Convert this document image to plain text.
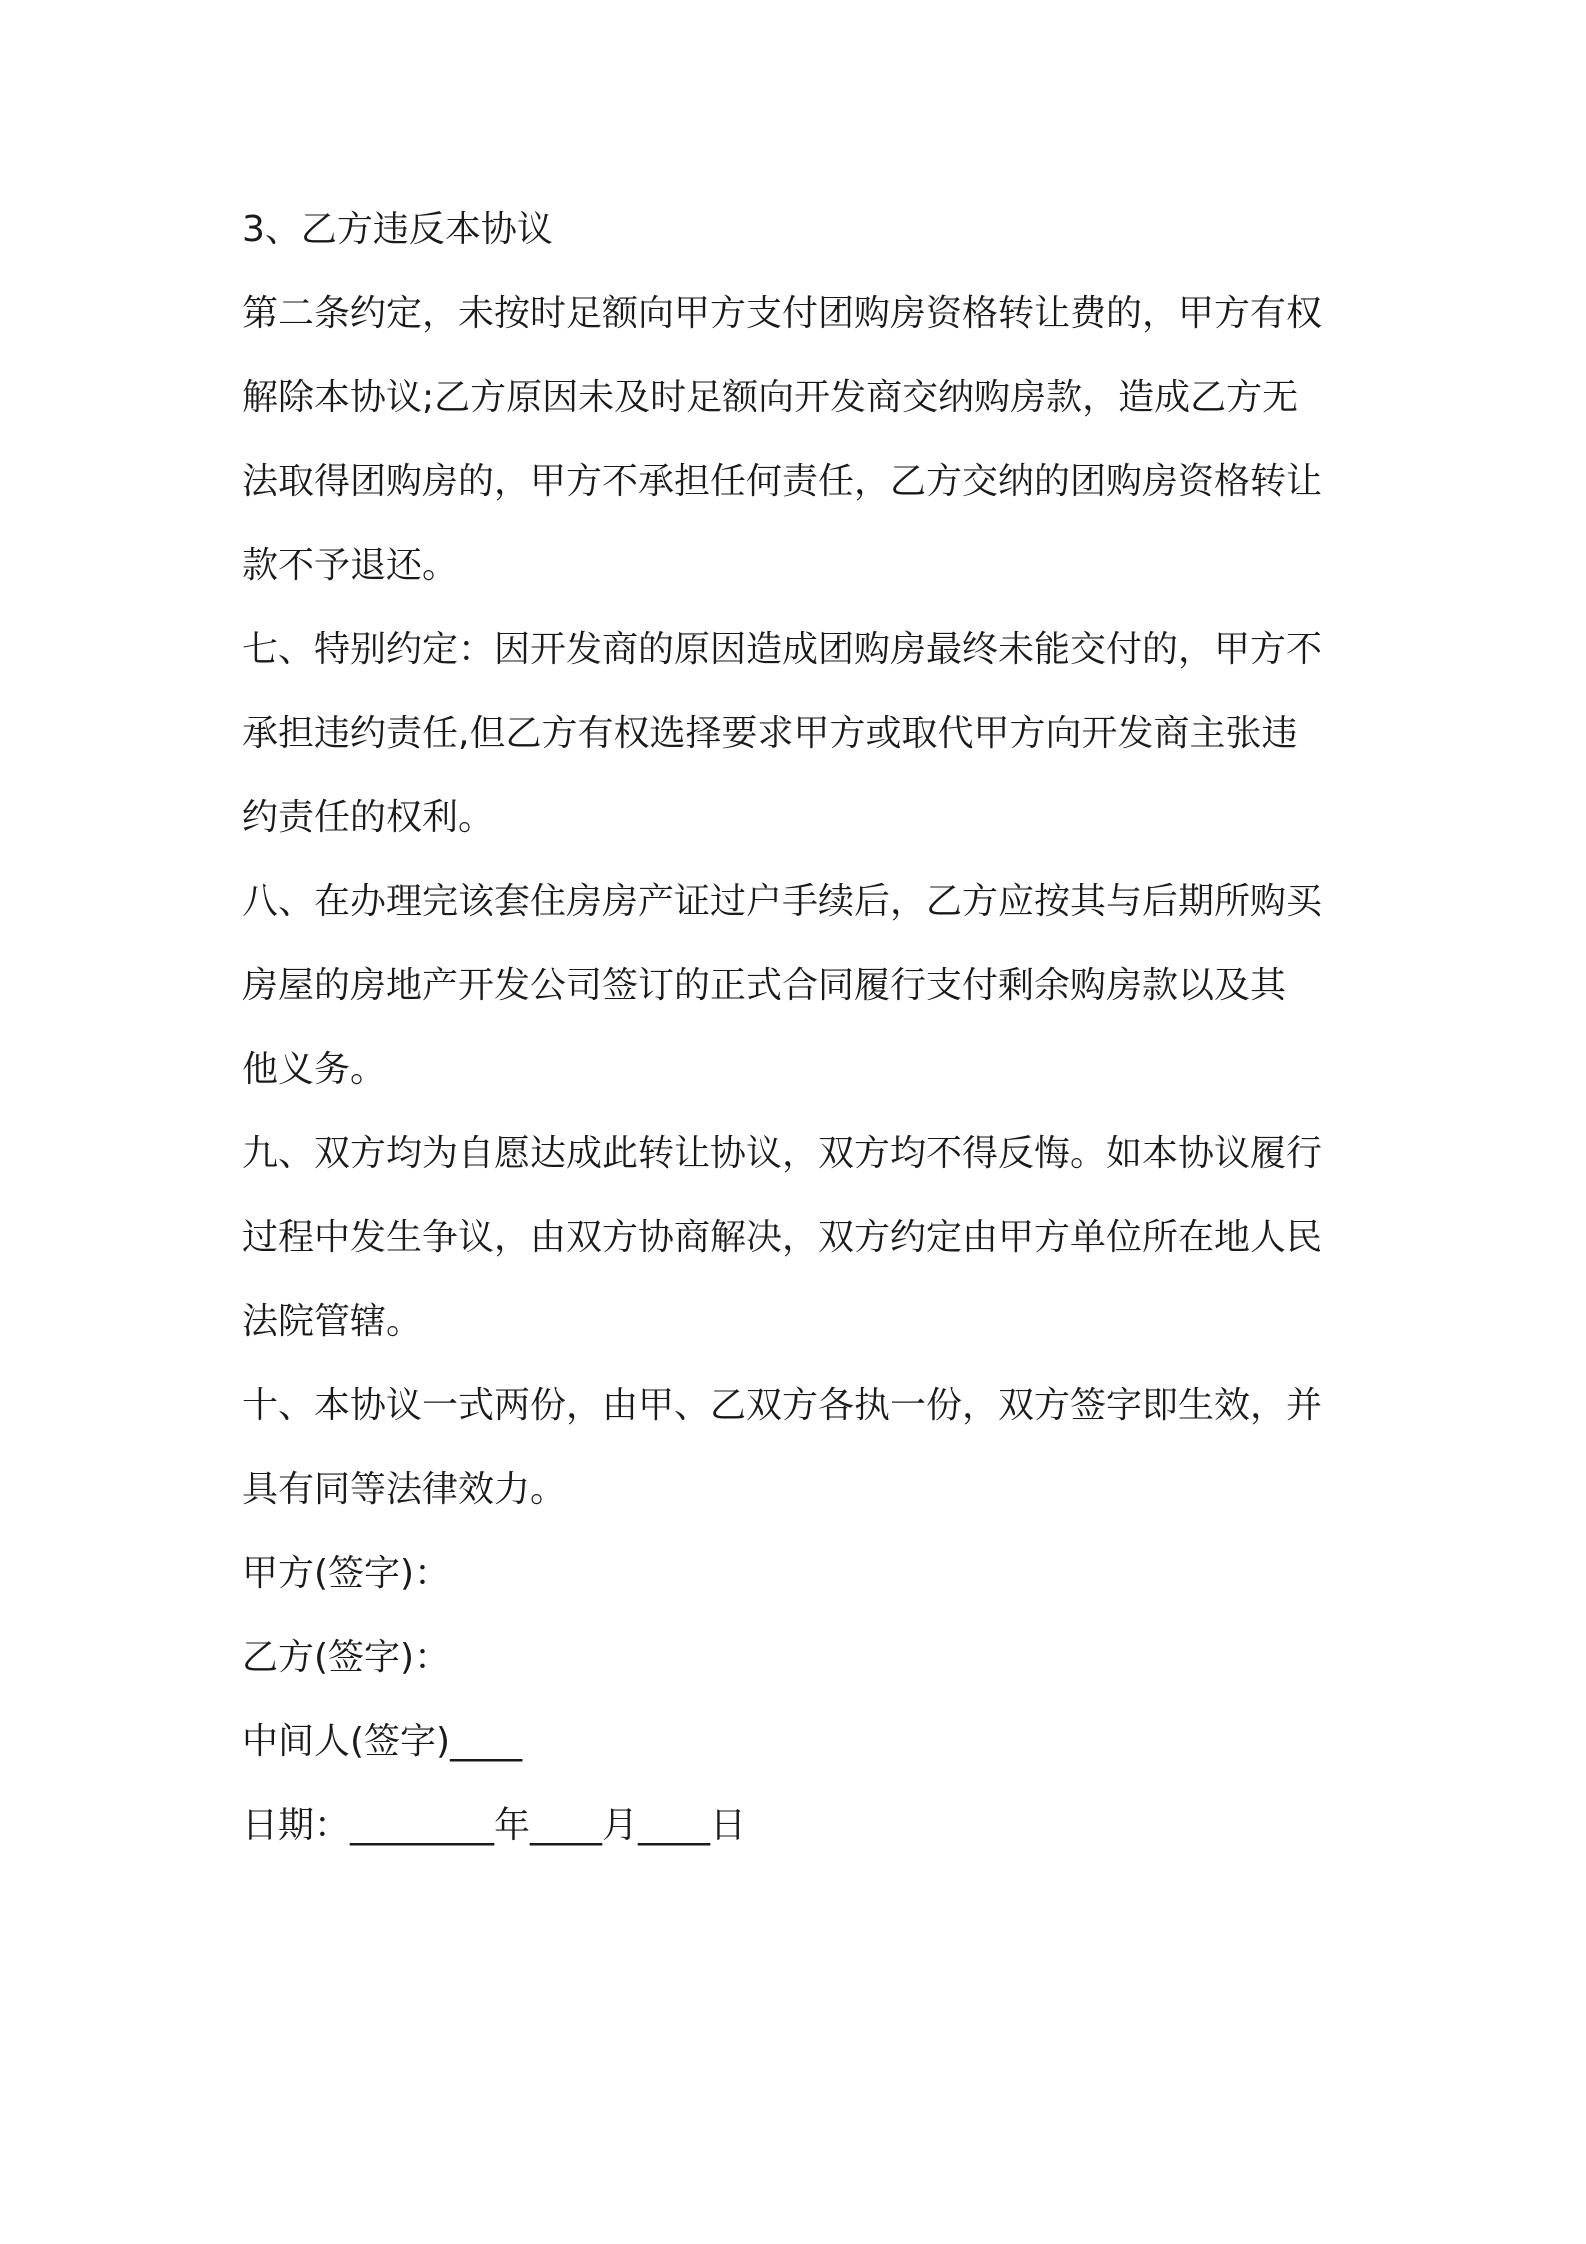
3、乙方违反本协议
第二条约定，未按时足额向甲方支付团购房资格转让费的，甲方有权
解除本协议;乙方原因未及时足额向开发商交纳购房款，造成乙方无
法取得团购房的，甲方不承担任何责任，乙方交纳的团购房资格转让
款不予退还。
七、特别约定：因开发商的原因造成团购房最终未能交付的，甲方不
承担违约责任,但乙方有权选择要求甲方或取代甲方向开发商主张违
约责任的权利。
八、在办理完该套住房房产证过户手续后，乙方应按其与后期所购买
房屋的房地产开发公司签订的正式合同履行支付剩余购房款以及其
他义务。
九、双方均为自愿达成此转让协议，双方均不得反悔。如本协议履行
过程中发生争议，由双方协商解决，双方约定由甲方单位所在地人民
法院管辖。
十、本协议一式两份，由甲、乙双方各执一份，双方签字即生效，并
具有同等法律效力。
甲方(签字)：
乙方(签字)：
中间人(签字)____
日期：________年____月____日
